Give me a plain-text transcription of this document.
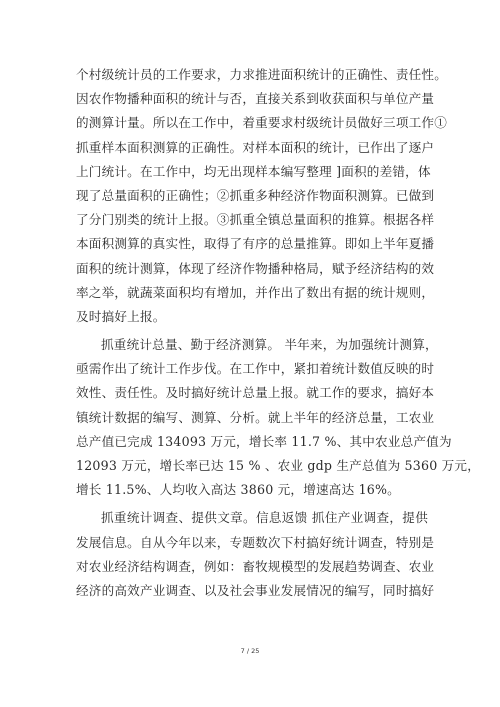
个村级统计员的工作要求，力求推进面积统计的正确性、责任性。
因农作物播种面积的统计与否，直接关系到收获面积与单位产量
的测算计量。所以在工作中，着重要求村级统计员做好三项工作①
抓重样本面积测算的正确性。对样本面积的统计，已作出了逐户
上门统计。在工作中，均无出现样本编写整理 ]面积的差错，体
现了总量面积的正确性；②抓重多种经济作物面积测算。已做到
了分门别类的统计上报。③抓重全镇总量面积的推算。根据各样
本面积测算的真实性，取得了有序的总量推算。即如上半年夏播
面积的统计测算，体现了经济作物播种格局，赋予经济结构的效
率之举，就蔬菜面积均有增加，并作出了数出有据的统计规则，
及时搞好上报。
抓重统计总量、勤于经济测算。 半年来，为加强统计测算，
亟需作出了统计工作步伐。在工作中，紧扣着统计数值反映的时
效性、责任性。及时搞好统计总量上报。就工作的要求，搞好本
镇统计数据的编写、测算、分析。就上半年的经济总量，工农业
总产值已完成 134093 万元，增长率 11.7 %、其中农业总产值为
12093 万元，增长率已达 15 % 、农业 gdp 生产总值为 5360 万元，
增长 11.5%、人均收入高达 3860 元，增速高达 16%。
抓重统计调查、提供文章。信息返馈 抓住产业调查，提供
发展信息。自从今年以来，专题数次下村搞好统计调查，特别是
对农业经济结构调查，例如：畜牧规模型的发展趋势调查、农业
经济的高效产业调查、以及社会事业发展情况的编写，同时搞好
7 / 25
